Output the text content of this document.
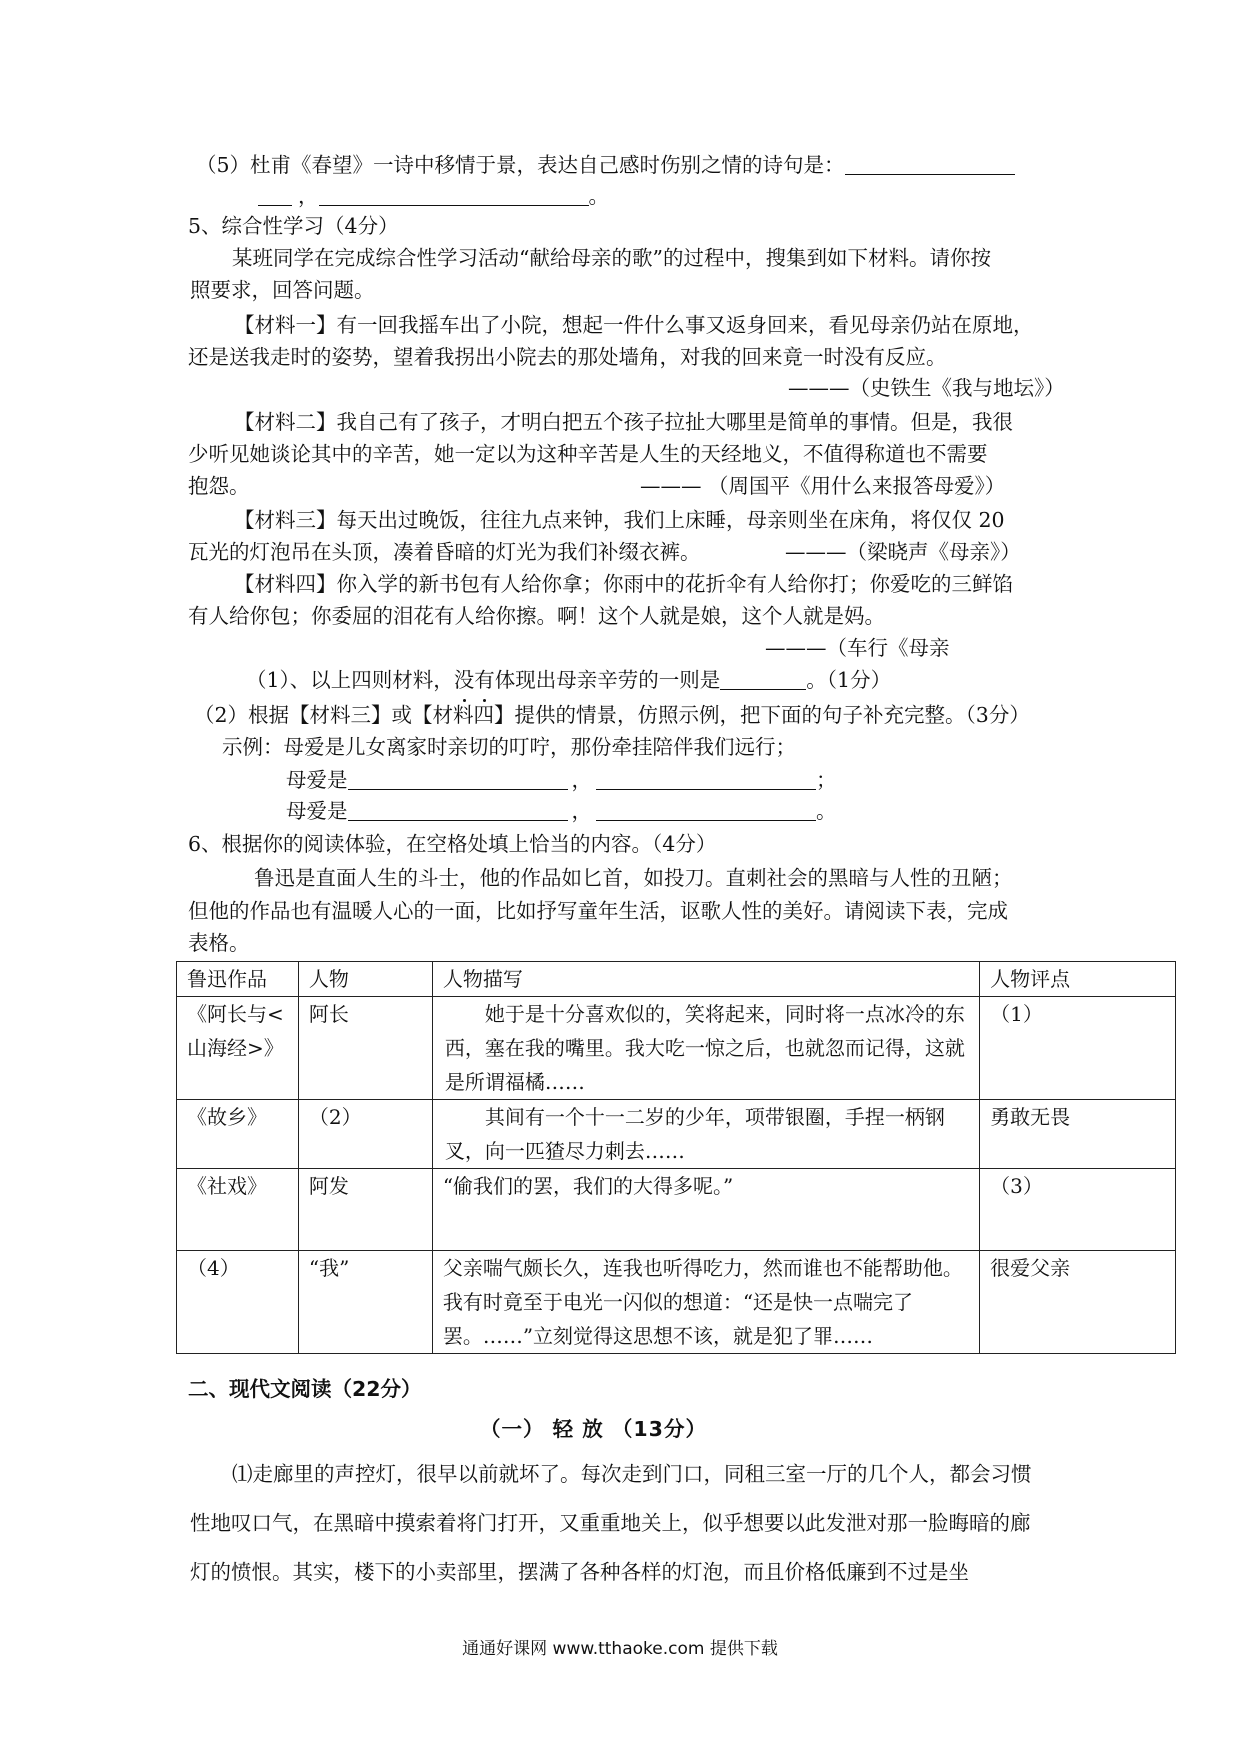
（5）杜甫《春望》一诗中移情于景，表达自己感时伤别之情的诗句是：
，	。
5、综合性学习（4分）
某班同学在完成综合性学习活动“献给母亲的歌”的过程中，搜集到如下材料。请你按
照要求，回答问题。
【材料一】有一回我摇车出了小院，想起一件什么事又返身回来，看见母亲仍站在原地，
还是送我走时的姿势，望着我拐出小院去的那处墙角，对我的回来竟一时没有反应。
———（史铁生《我与地坛》）
【材料二】我自己有了孩子，才明白把五个孩子拉扯大哪里是简单的事情。但是，我很
少听见她谈论其中的辛苦，她一定以为这种辛苦是人生的天经地义，不值得称道也不需要
抱怨。	——— （周国平《用什么来报答母爱》）
【材料三】每天出过晚饭，往往九点来钟，我们上床睡，母亲则坐在床角，将仅仅 20
瓦光的灯泡吊在头顶，凑着昏暗的灯光为我们补缀衣裤。	———（梁晓声《母亲》）
【材料四】你入学的新书包有人给你拿；你雨中的花折伞有人给你打；你爱吃的三鲜馅
有人给你包；你委屈的泪花有人给你擦。啊！这个人就是娘，这个人就是妈。
———（车行《母亲
（1）、以上四则材料，没有体现出母亲辛劳的一则是	。（1分）
（2）根据【材料三】或【材料四】提供的情景，仿照示例，把下面的句子补充完整。（3分）
示例：母爱是儿女离家时亲切的叮咛，那份牵挂陪伴我们远行；
母爱是	，	；
母爱是	，	。
6、根据你的阅读体验，在空格处填上恰当的内容。（4分）
鲁迅是直面人生的斗士，他的作品如匕首，如投刀。直刺社会的黑暗与人性的丑陋；
但他的作品也有温暖人心的一面，比如抒写童年生活，讴歌人性的美好。请阅读下表，完成
表格。
鲁迅作品	人物	人物描写	人物评点
《阿长与<山海经>》	阿长	她于是十分喜欢似的，笑将起来，同时将一点冰冷的东西，塞在我的嘴里。我大吃一惊之后，也就忽而记得，这就是所谓福橘……	（1）
《故乡》	（2）	其间有一个十一二岁的少年，项带银圈，手捏一柄钢叉，向一匹猹尽力刺去……	勇敢无畏
《社戏》	阿发	“偷我们的罢，我们的大得多呢。”	（3）
（4）	“我”	父亲喘气颇长久，连我也听得吃力，然而谁也不能帮助他。我有时竟至于电光一闪似的想道：“还是快一点喘完了罢。……”立刻觉得这思想不该，就是犯了罪……	很爱父亲
二、现代文阅读（22分）
（一） 轻 放 （13分）
⑴走廊里的声控灯，很早以前就坏了。每次走到门口，同租三室一厅的几个人，都会习惯性地叹口气，在黑暗中摸索着将门打开，又重重地关上，似乎想要以此发泄对那一脸晦暗的廊灯的愤恨。其实，楼下的小卖部里，摆满了各种各样的灯泡，而且价格低廉到不过是坐
通通好课网 www.tthaoke.com 提供下载
